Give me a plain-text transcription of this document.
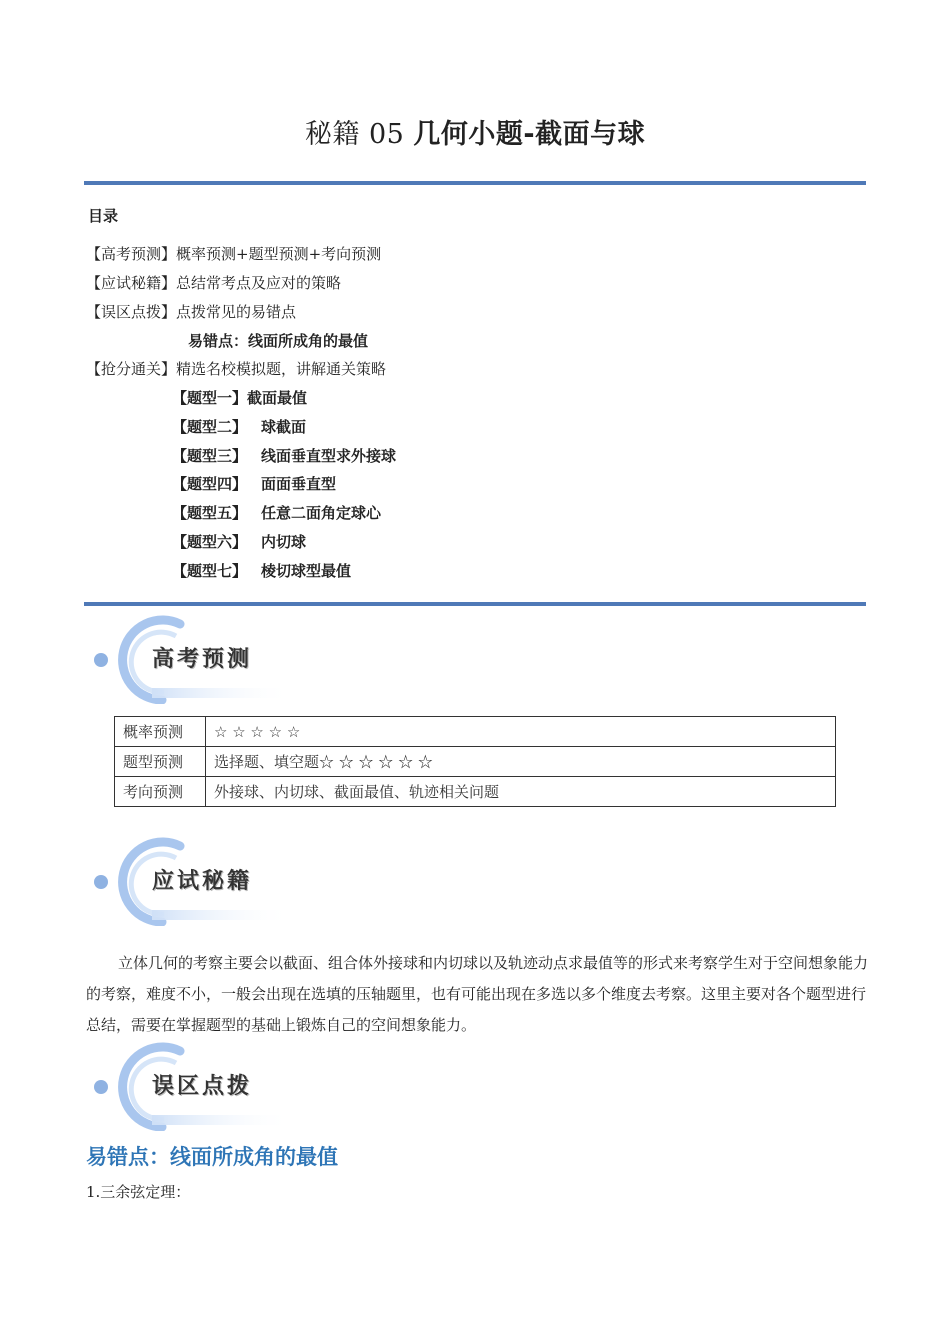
秘籍 05 几何小题-截面与球
目录
【高考预测】概率预测+题型预测+考向预测
【应试秘籍】总结常考点及应对的策略
【误区点拨】点拨常见的易错点
易错点：线面所成角的最值
【抢分通关】精选名校模拟题，讲解通关策略
【题型一】截面最值
【题型二】 球截面
【题型三】 线面垂直型求外接球
【题型四】 面面垂直型
【题型五】 任意二面角定球心
【题型六】 内切球
【题型七】 棱切球型最值
高考预测
概率预测	☆ ☆ ☆ ☆ ☆
题型预测	选择题、填空题☆ ☆ ☆ ☆ ☆ ☆
考向预测	外接球、内切球、截面最值、轨迹相关问题
应试秘籍
立体几何的考察主要会以截面、组合体外接球和内切球以及轨迹动点求最值等的形式来考察学生对于空间想象能力的考察，难度不小，一般会出现在选填的压轴题里，也有可能出现在多选以多个维度去考察。这里主要对各个题型进行总结，需要在掌握题型的基础上锻炼自己的空间想象能力。
误区点拨
易错点：线面所成角的最值
1.三余弦定理：
